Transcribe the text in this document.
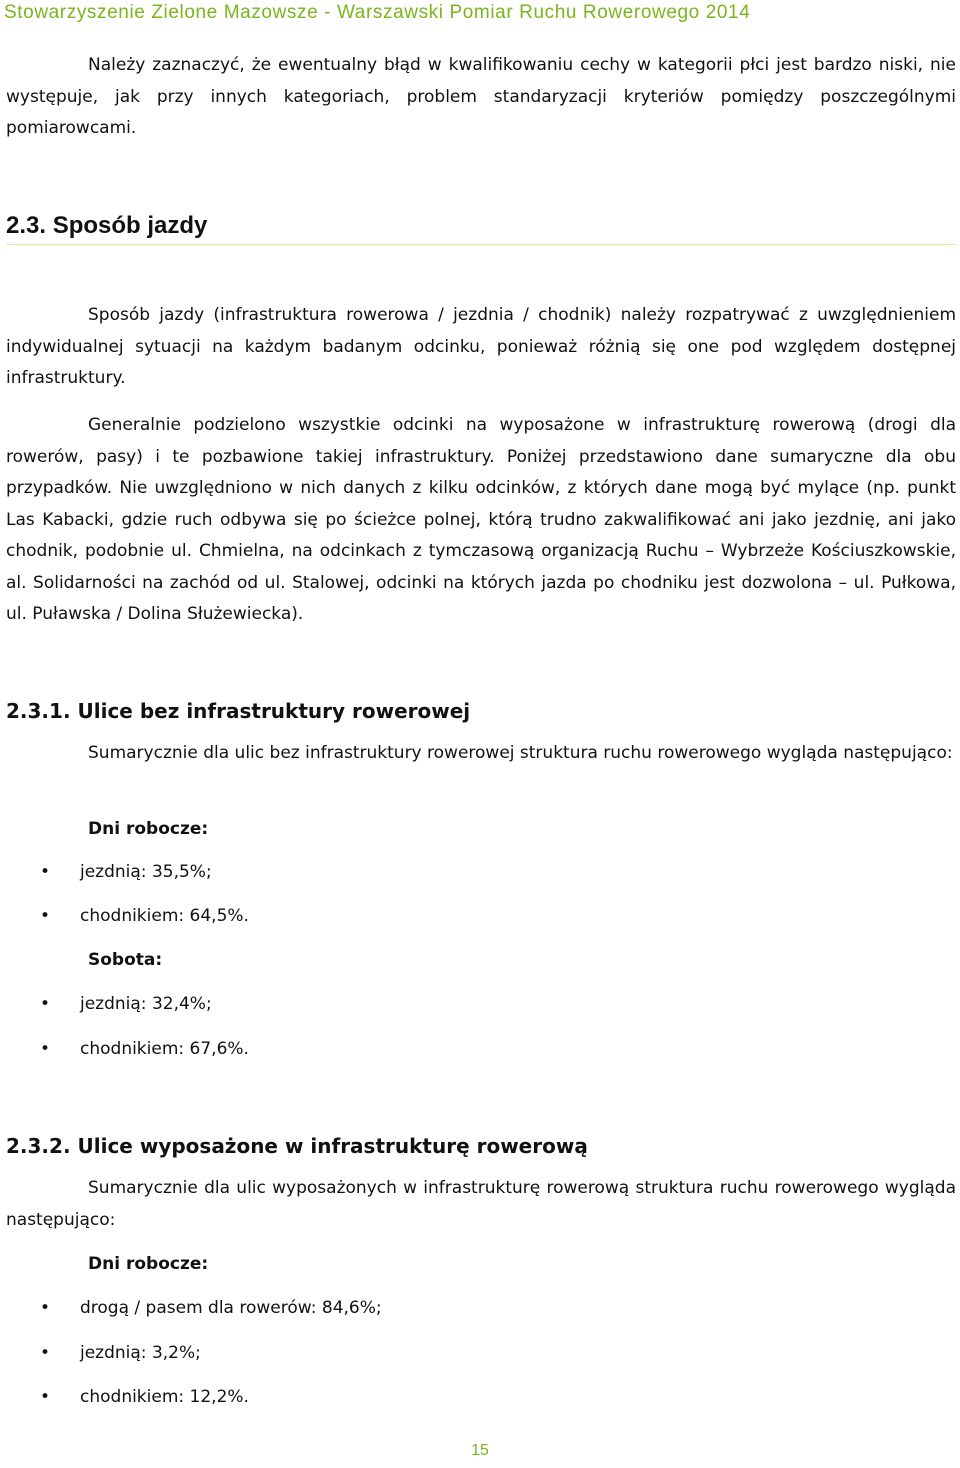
Stowarzyszenie Zielone Mazowsze - Warszawski Pomiar Ruchu Rowerowego 2014

Należy zaznaczyć, że ewentualny błąd w kwalifikowaniu cechy w kategorii płci jest bardzo niski, nie występuje, jak przy innych kategoriach, problem standaryzacji kryteriów pomiędzy poszczególnymi pomiarowcami.

2.3. Sposób jazdy

Sposób jazdy (infrastruktura rowerowa / jezdnia / chodnik) należy rozpatrywać z uwzględnieniem indywidualnej sytuacji na każdym badanym odcinku, ponieważ różnią się one pod względem dostępnej infrastruktury.

Generalnie podzielono wszystkie odcinki na wyposażone w infrastrukturę rowerową (drogi dla rowerów, pasy) i te pozbawione takiej infrastruktury. Poniżej przedstawiono dane sumaryczne dla obu przypadków. Nie uwzględniono w nich danych z kilku odcinków, z których dane mogą być mylące (np. punkt Las Kabacki, gdzie ruch odbywa się po ścieżce polnej, którą trudno zakwalifikować ani jako jezdnię, ani jako chodnik, podobnie ul. Chmielna, na odcinkach z tymczasową organizacją Ruchu – Wybrzeże Kościuszkowskie, al. Solidarności na zachód od ul. Stalowej, odcinki na których jazda po chodniku jest dozwolona – ul. Pułkowa, ul. Puławska / Dolina Służewiecka).

2.3.1. Ulice bez infrastruktury rowerowej

Sumarycznie dla ulic bez infrastruktury rowerowej struktura ruchu rowerowego wygląda następująco:

Dni robocze:

• jezdnią: 35,5%;
• chodnikiem: 64,5%.

Sobota:

• jezdnią: 32,4%;
• chodnikiem: 67,6%.
2.3.2. Ulice wyposażone w infrastrukturę rowerową

Sumarycznie dla ulic wyposażonych w infrastrukturę rowerową struktura ruchu rowerowego wygląda następująco:

Dni robocze:

• drogą / pasem dla rowerów: 84,6%;
• jezdnią: 3,2%;
• chodnikiem: 12,2%.
15
